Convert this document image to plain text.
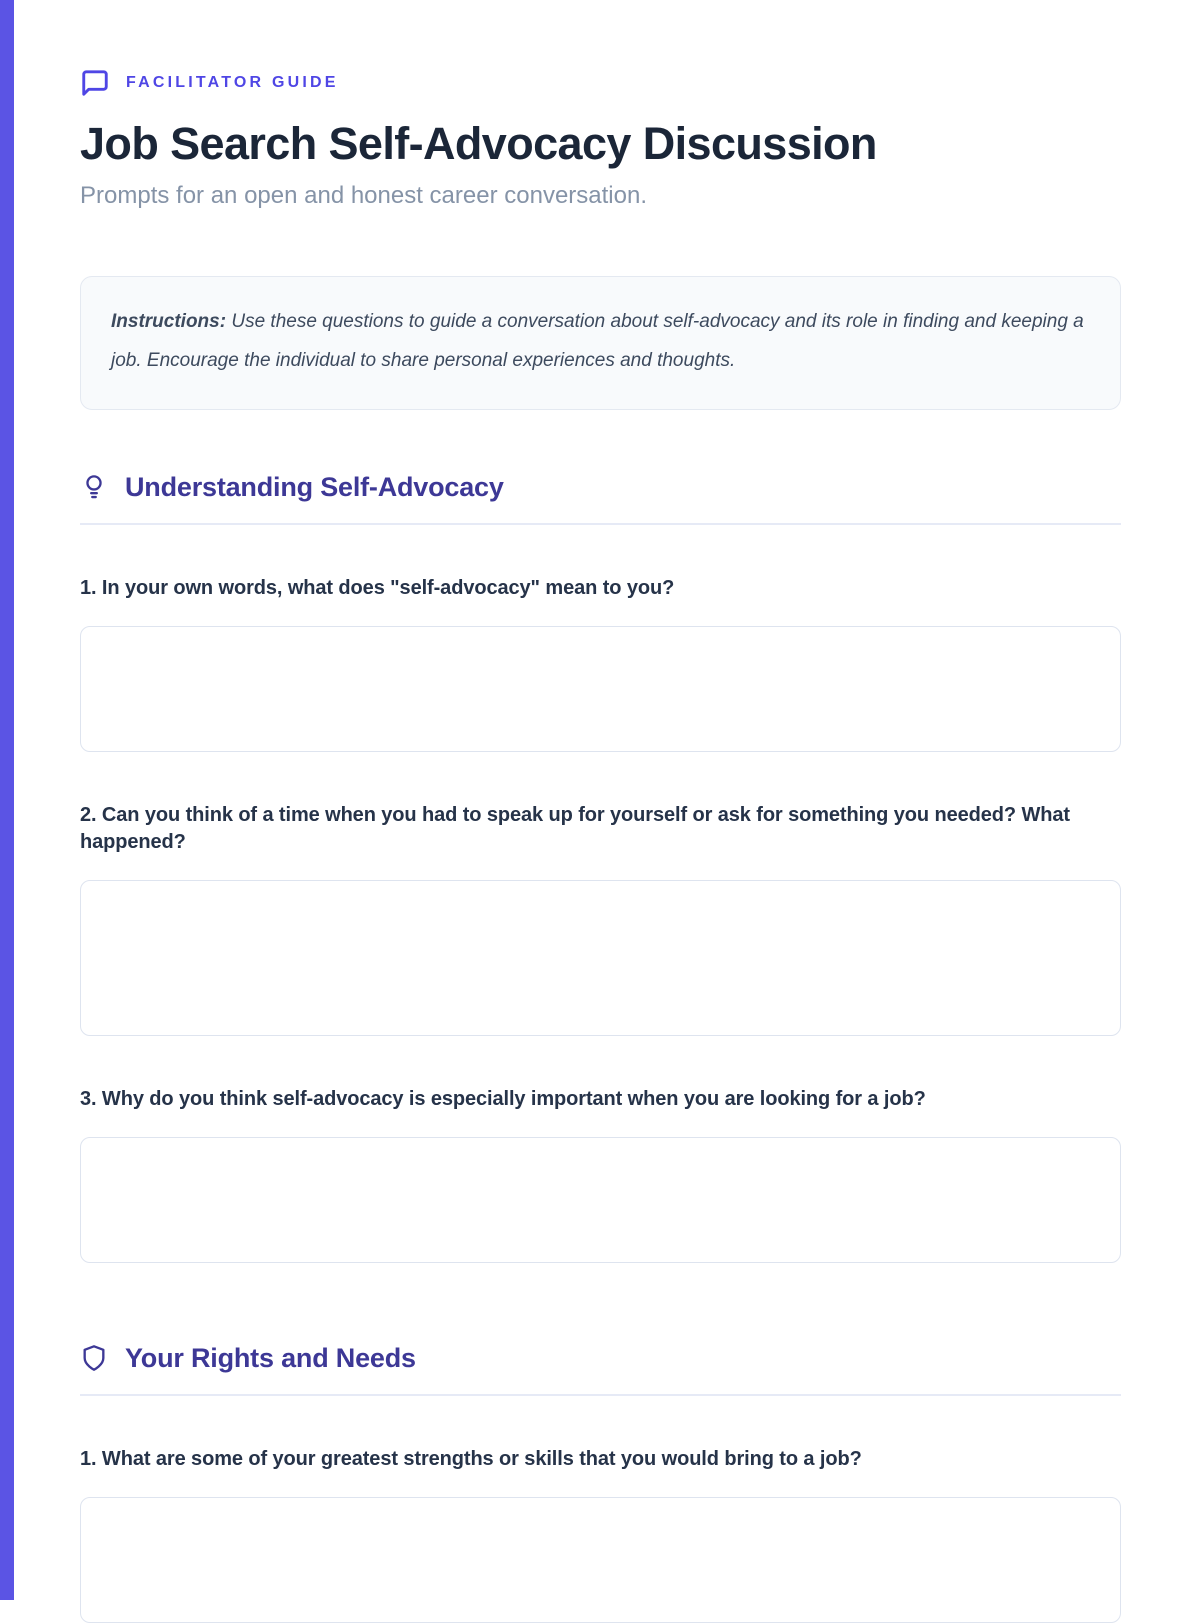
FACILITATOR GUIDE
Job Search Self-Advocacy Discussion
Prompts for an open and honest career conversation.
Instructions: Use these questions to guide a conversation about self-advocacy and its role in finding and keeping a job. Encourage the individual to share personal experiences and thoughts.
Understanding Self-Advocacy
1. In your own words, what does "self-advocacy" mean to you?
2. Can you think of a time when you had to speak up for yourself or ask for something you needed? What happened?
3. Why do you think self-advocacy is especially important when you are looking for a job?
Your Rights and Needs
1. What are some of your greatest strengths or skills that you would bring to a job?
